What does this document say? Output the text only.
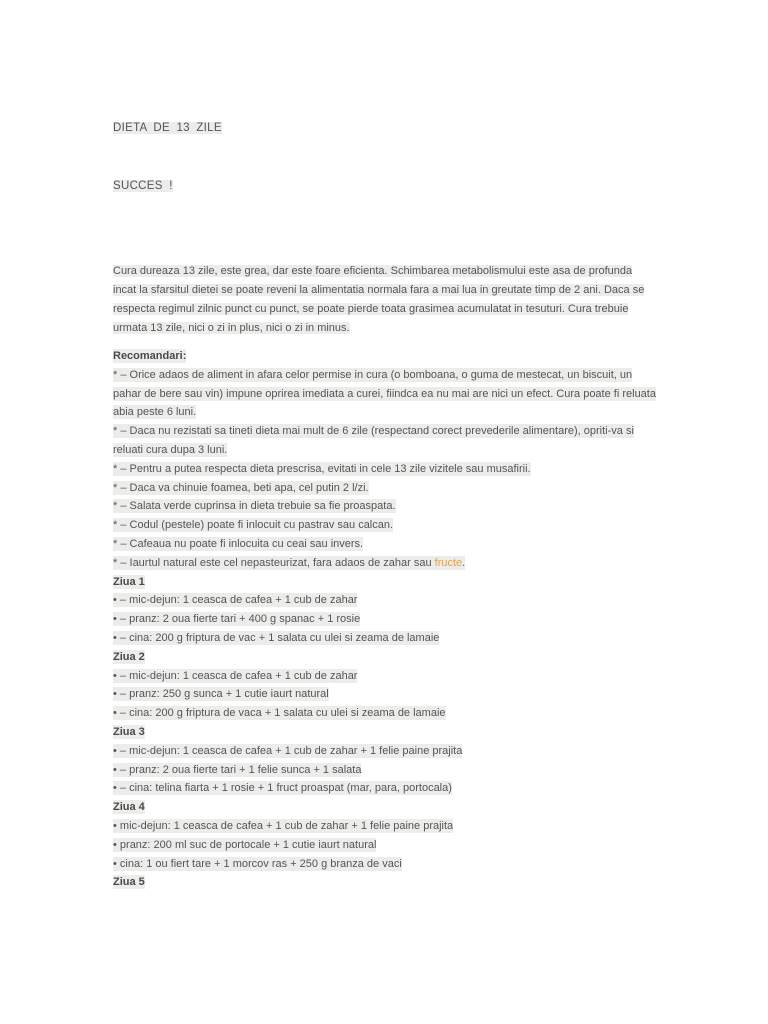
DIETA DE 13 ZILE
SUCCES !
Cura dureaza 13 zile, este grea, dar este foare eficienta. Schimbarea metabolismului este asa de profunda incat la sfarsitul dietei se poate reveni la alimentatia normala fara a mai lua in greutate timp de 2 ani. Daca se respecta regimul zilnic punct cu punct, se poate pierde toata grasimea acumulatat in tesuturi. Cura trebuie urmata 13 zile, nici o zi in plus, nici o zi in minus.
Recomandari:
* – Orice adaos de aliment in afara celor permise in cura (o bomboana, o guma de mestecat, un biscuit, un pahar de bere sau vin) impune oprirea imediata a curei, fiindca ea nu mai are nici un efect. Cura poate fi reluata abia peste 6 luni.
* – Daca nu rezistati sa tineti dieta mai mult de 6 zile (respectand corect prevederile alimentare), opriti-va si reluati cura dupa 3 luni.
* – Pentru a putea respecta dieta prescrisa, evitati in cele 13 zile vizitele sau musafirii.
* – Daca va chinuie foamea, beti apa, cel putin 2 l/zi.
* – Salata verde cuprinsa in dieta trebuie sa fie proaspata.
* – Codul (pestele) poate fi inlocuit cu pastrav sau calcan.
* – Cafeaua nu poate fi inlocuita cu ceai sau invers.
* – Iaurtul natural este cel nepasteurizat, fara adaos de zahar sau fructe.
Ziua 1
• – mic-dejun: 1 ceasca de cafea + 1 cub de zahar
• – pranz: 2 oua fierte tari + 400 g spanac + 1 rosie
• – cina: 200 g friptura de vac + 1 salata cu ulei si zeama de lamaie
Ziua 2
• – mic-dejun: 1 ceasca de cafea + 1 cub de zahar
• – pranz: 250 g sunca + 1 cutie iaurt natural
• – cina: 200 g friptura de vaca + 1 salata cu ulei si zeama de lamaie
Ziua 3
• – mic-dejun: 1 ceasca de cafea + 1 cub de zahar + 1 felie paine prajita
• – pranz: 2 oua fierte tari + 1 felie sunca + 1 salata
• – cina: telina fiarta + 1 rosie + 1 fruct proaspat (mar, para, portocala)
Ziua 4
• mic-dejun: 1 ceasca de cafea + 1 cub de zahar + 1 felie paine prajita
• pranz: 200 ml suc de portocale + 1 cutie iaurt natural
• cina: 1 ou fiert tare + 1 morcov ras + 250 g branza de vaci
Ziua 5
